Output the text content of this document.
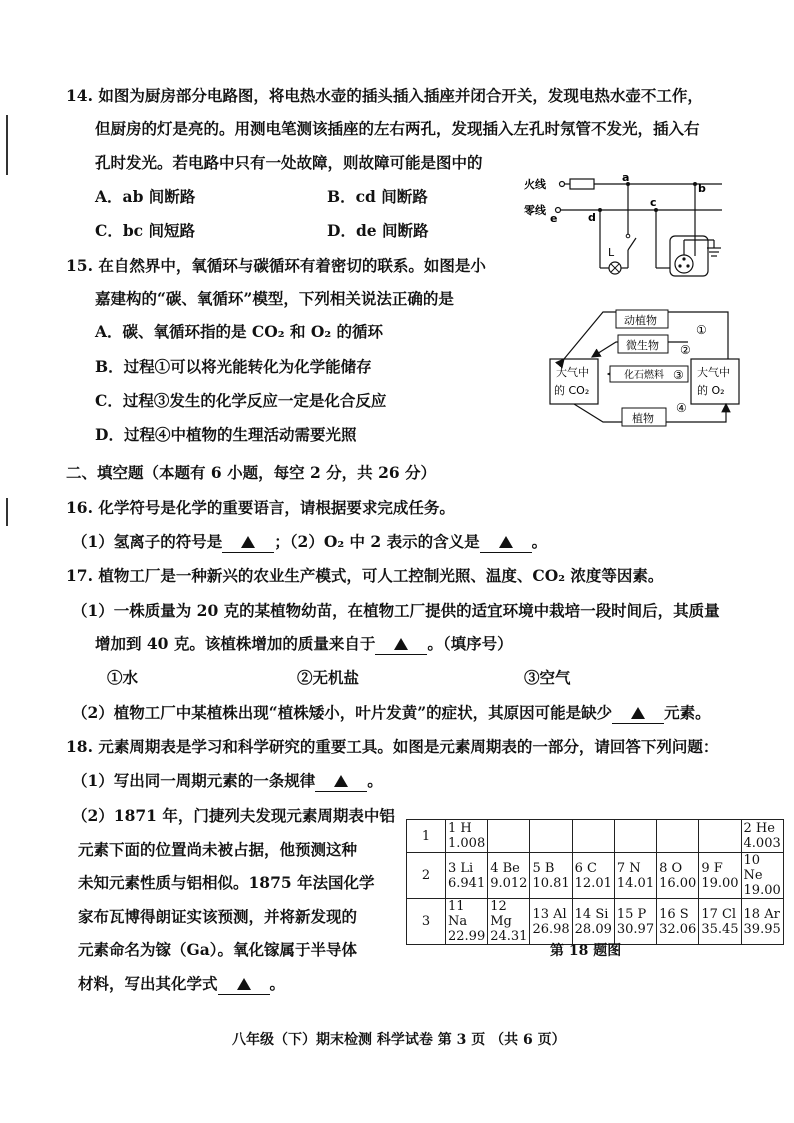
14. 如图为厨房部分电路图，将电热水壶的插头插入插座并闭合开关，发现电热水壶不工作，
但厨房的灯是亮的。用测电笔测该插座的左右两孔，发现插入左孔时氖管不发光，插入右
孔时发光。若电路中只有一处故障，则故障可能是图中的
A．ab 间断路	B．cd 间断路
C．bc 间短路	D．de 间断路
火线
零线
a
b
c
d
e
L
15. 在自然界中，氧循环与碳循环有着密切的联系。如图是小
嘉建构的“碳、氧循环”模型，下列相关说法正确的是
A．碳、氧循环指的是 CO₂ 和 O₂ 的循环
B．过程①可以将光能转化为化学能储存
C．过程③发生的化学反应一定是化合反应
D．过程④中植物的生理活动需要光照
大气中
的 CO₂
大气中
的 O₂
动植物
①
微生物 ②
化石燃料 ③
植物
④
二、填空题（本题有 6 小题，每空 2 分，共 26 分）
16. 化学符号是化学的重要语言，请根据要求完成任务。
（1）氢离子的符号是	；（2）O₂ 中 2 表示的含义是	。
17. 植物工厂是一种新兴的农业生产模式，可人工控制光照、温度、CO₂ 浓度等因素。
（1）一株质量为 20 克的某植物幼苗，在植物工厂提供的适宜环境中栽培一段时间后，其质量
增加到 40 克。该植株增加的质量来自于	。（填序号）
①水	②无机盐	③空气
（2）植物工厂中某植株出现“植株矮小，叶片发黄”的症状，其原因可能是缺少	元素。
18. 元素周期表是学习和科学研究的重要工具。如图是元素周期表的一部分，请回答下列问题：
（1）写出同一周期元素的一条规律	。
（2）1871 年，门捷列夫发现元素周期表中铝
元素下面的位置尚未被占据，他预测这种
未知元素性质与铝相似。1875 年法国化学
家布瓦博得朗证实该预测，并将新发现的
元素命名为镓（Ga）。氧化镓属于半导体
材料，写出其化学式	。
1	1 H
1.008							2 He
4.003

2	3 Li
6.941	4 Be
9.012	5 B
10.81	6 C
12.01	7 N
14.01	8 O
16.00	9 F
19.00	10 Ne
19.00

3	11 Na
22.99	12 Mg
24.31	13 Al
26.98	14 Si
28.09	15 P
30.97	16 S
32.06	17 Cl
35.45	18 Ar
39.95
第 18 题图
八年级（下）期末检测 科学试卷 第 3 页 （共 6 页）
